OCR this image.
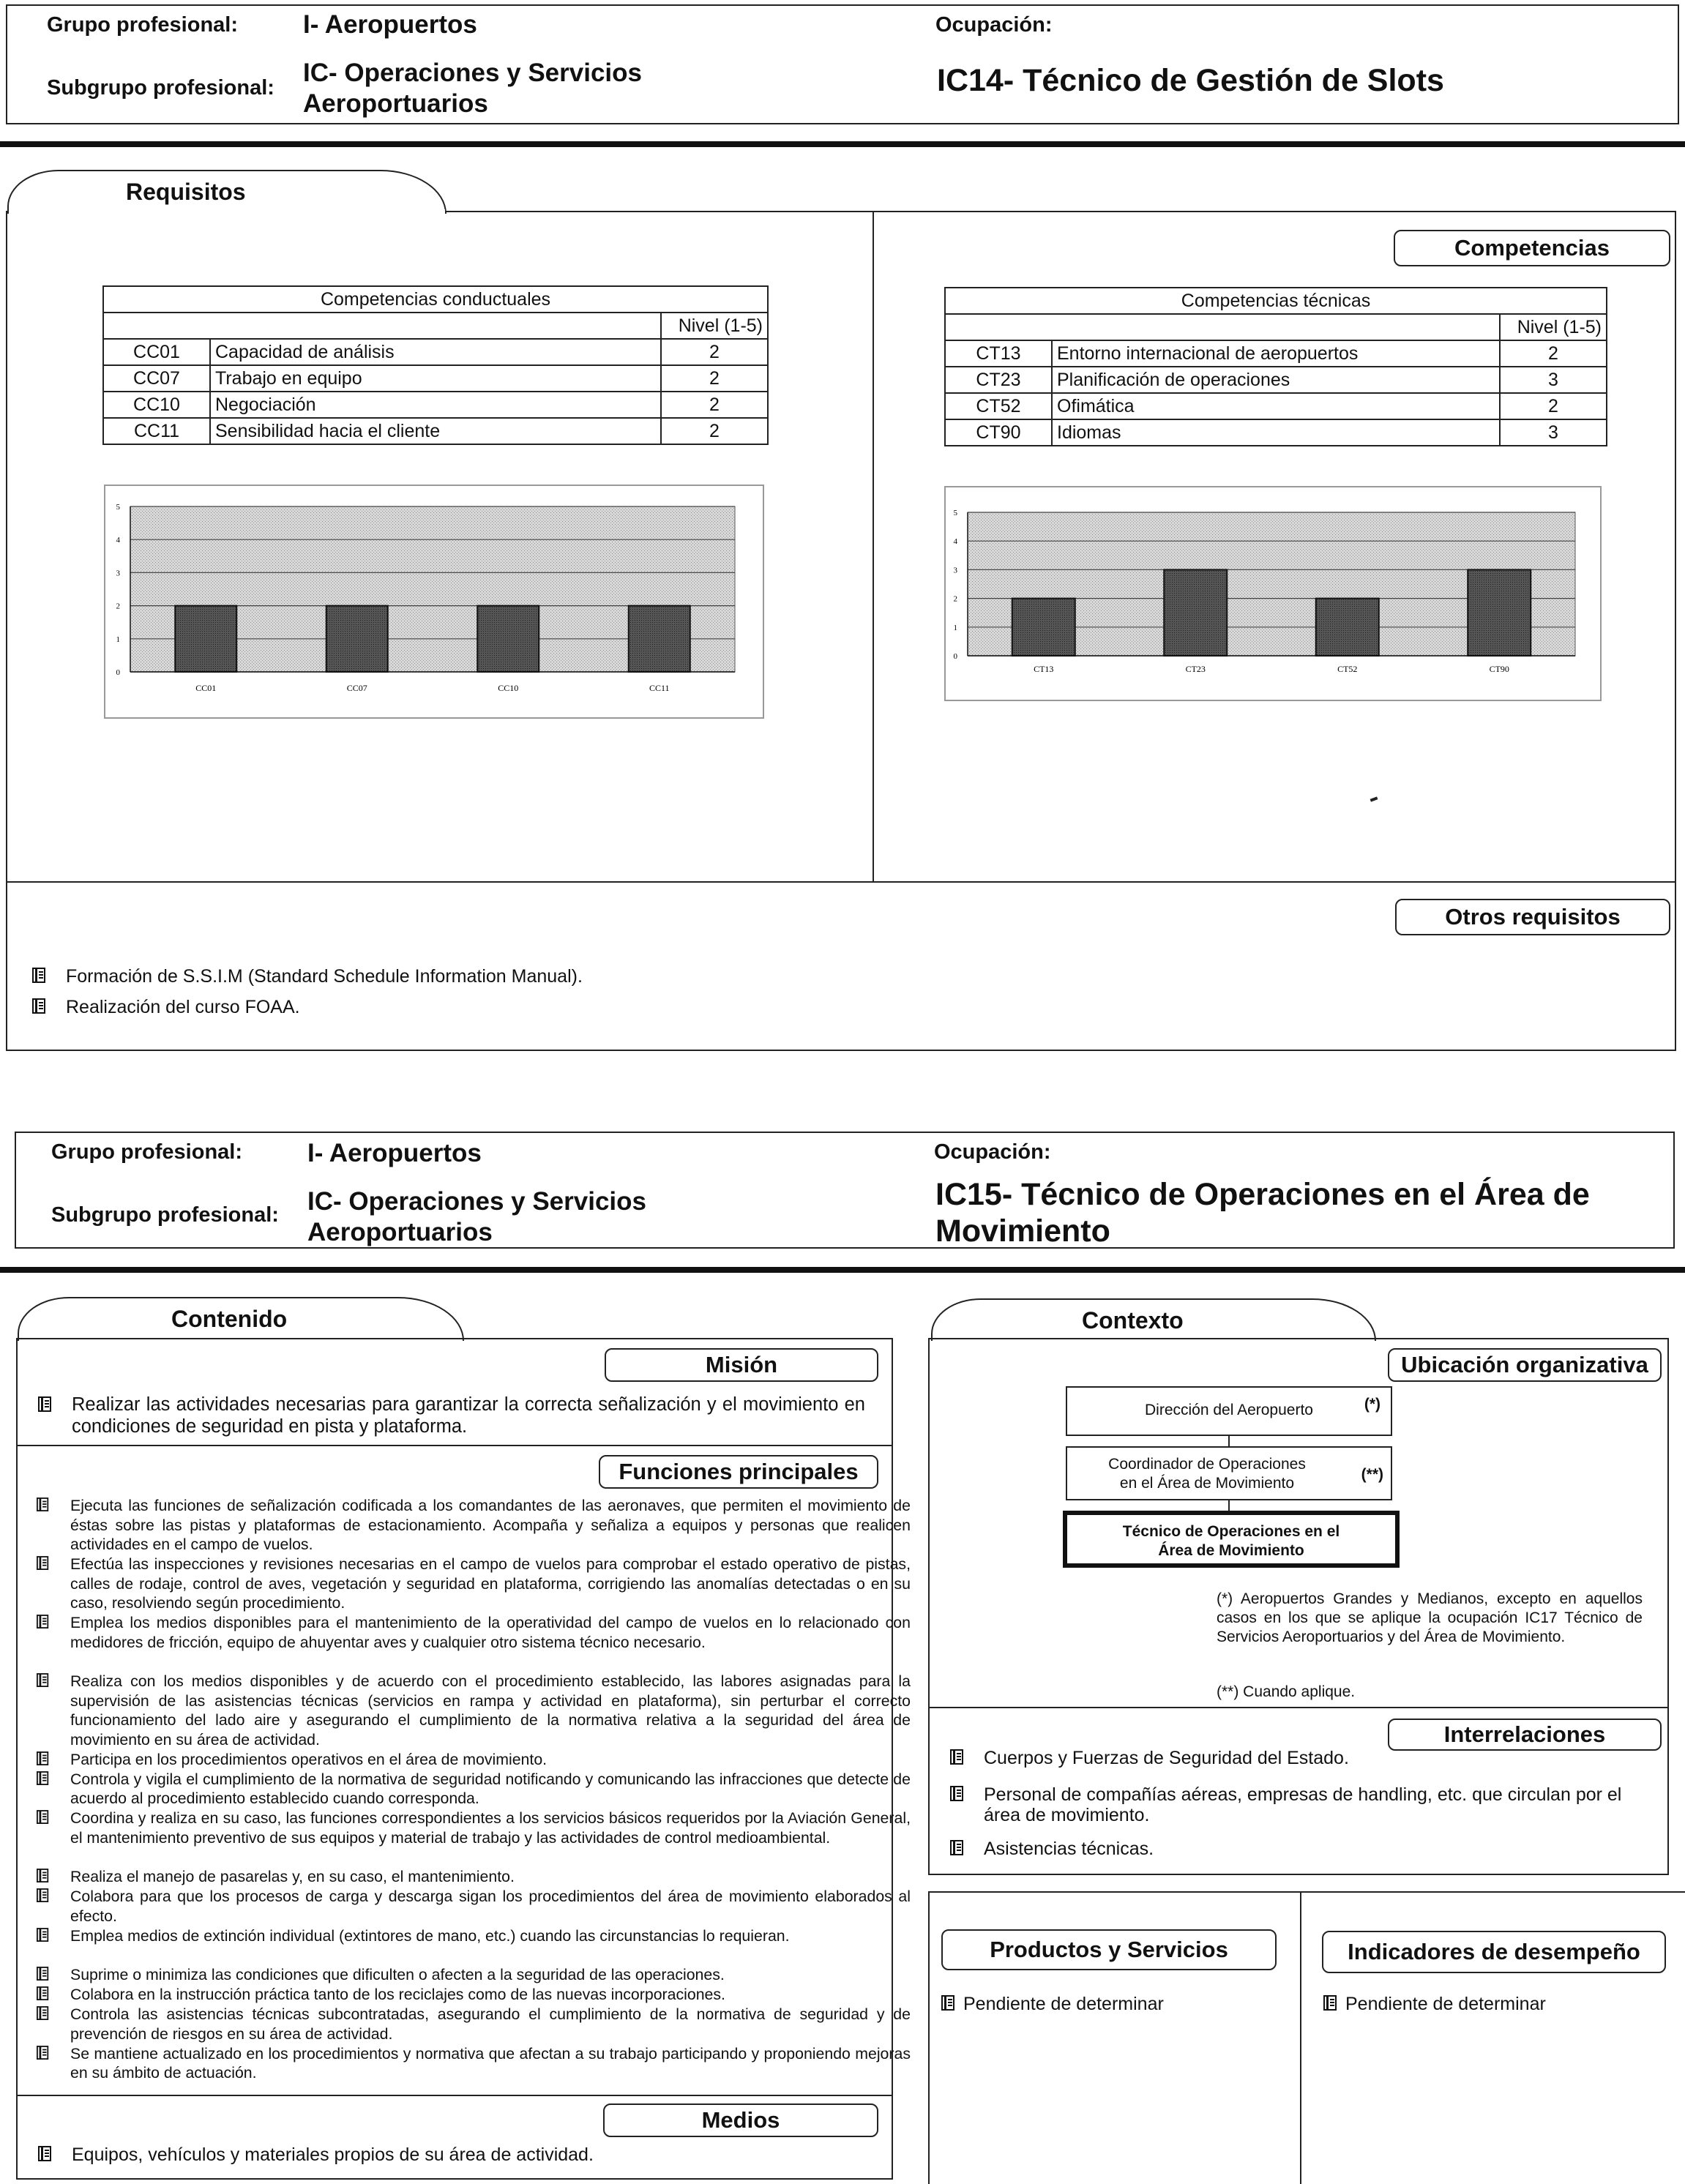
Grupo profesional:	I- Aeropuertos
Subgrupo profesional:
IC- Operaciones y Servicios
Aeroportuarios
Ocupación:
IC14- Técnico de Gestión de Slots
Requisitos
Competencias
Competencias conductuales		
		Nivel (1-5)
CC01	Capacidad de análisis	2
CC07	Trabajo en equipo	2
CC10	Negociación	2
CC11	Sensibilidad hacia el cliente	2
Competencias técnicas		
		Nivel (1-5)
CT13	Entorno internacional de aeropuertos	2
CT23	Planificación de operaciones	3
CT52	Ofimática	2
CT90	Idiomas	3
0
1
2
3
4
5
CC01	CC07	CC10	CC11
0
1
2
3
4
5
CT13	CT23	CT52	CT90
Otros requisitos
Formación de S.S.I.M (Standard Schedule Information Manual).
Realización del curso FOAA.
Grupo profesional:	I- Aeropuertos
Subgrupo profesional: IC- Operaciones y Servicios
Aeroportuarios
Ocupación:
IC15- Técnico de Operaciones en el Área de
Movimiento
Contenido
Misión
Realizar las actividades necesarias para garantizar la correcta señalización y el movimiento en condiciones de seguridad en pista y plataforma.
Funciones principales
Ejecuta las funciones de señalización codificada a los comandantes de las aeronaves, que permiten el movimiento de éstas sobre las pistas y plataformas de estacionamiento. Acompaña y señaliza a equipos y personas que realicen actividades en el campo de vuelos.
Efectúa las inspecciones y revisiones necesarias en el campo de vuelos para comprobar el estado operativo de pistas, calles de rodaje, control de aves, vegetación y seguridad en plataforma, corrigiendo las anomalías detectadas o en su caso, resolviendo según procedimiento.
Emplea los medios disponibles para el mantenimiento de la operatividad del campo de vuelos en lo relacionado con medidores de fricción, equipo de ahuyentar aves y cualquier otro sistema técnico necesario.
Realiza con los medios disponibles y de acuerdo con el procedimiento establecido, las labores asignadas para la supervisión de las asistencias técnicas (servicios en rampa y actividad en plataforma), sin perturbar el correcto funcionamiento del lado aire y asegurando el cumplimiento de la normativa relativa a la seguridad del área de movimiento en su área de actividad.
Participa en los procedimientos operativos en el área de movimiento.
Controla y vigila el cumplimiento de la normativa de seguridad notificando y comunicando las infracciones que detecte de acuerdo al procedimiento establecido cuando corresponda.
Coordina y realiza en su caso, las funciones correspondientes a los servicios básicos requeridos por la Aviación General, el mantenimiento preventivo de sus equipos y material de trabajo y las actividades de control medioambiental.
Realiza el manejo de pasarelas y, en su caso, el mantenimiento.
Colabora para que los procesos de carga y descarga sigan los procedimientos del área de movimiento elaborados al efecto.
Emplea medios de extinción individual (extintores de mano, etc.) cuando las circunstancias lo requieran.
Suprime o minimiza las condiciones que dificulten o afecten a la seguridad de las operaciones.
Colabora en la instrucción práctica tanto de los reciclajes como de las nuevas incorporaciones.
Controla las asistencias técnicas subcontratadas, asegurando el cumplimiento de la normativa de seguridad y de prevención de riesgos en su área de actividad.
Se mantiene actualizado en los procedimientos y normativa que afectan a su trabajo participando y proponiendo mejoras en su ámbito de actuación.
Medios
Equipos, vehículos y materiales propios de su área de actividad.
Contexto
Ubicación organizativa
Dirección del Aeropuerto	(*)
Coordinador de Operaciones
en el Área de Movimiento
(**)
Técnico de Operaciones en el
Área de Movimiento
(*) Aeropuertos Grandes y Medianos, excepto en aquellos casos en los que se aplique la ocupación IC17 Técnico de Servicios Aeroportuarios y del Área de Movimiento.
(**) Cuando aplique.
Interrelaciones
Cuerpos y Fuerzas de Seguridad del Estado.
Personal de compañías aéreas, empresas de handling, etc. que circulan por el área de movimiento.
Asistencias técnicas.
Productos y Servicios
Pendiente de determinar
Indicadores de desempeño
Pendiente de determinar
